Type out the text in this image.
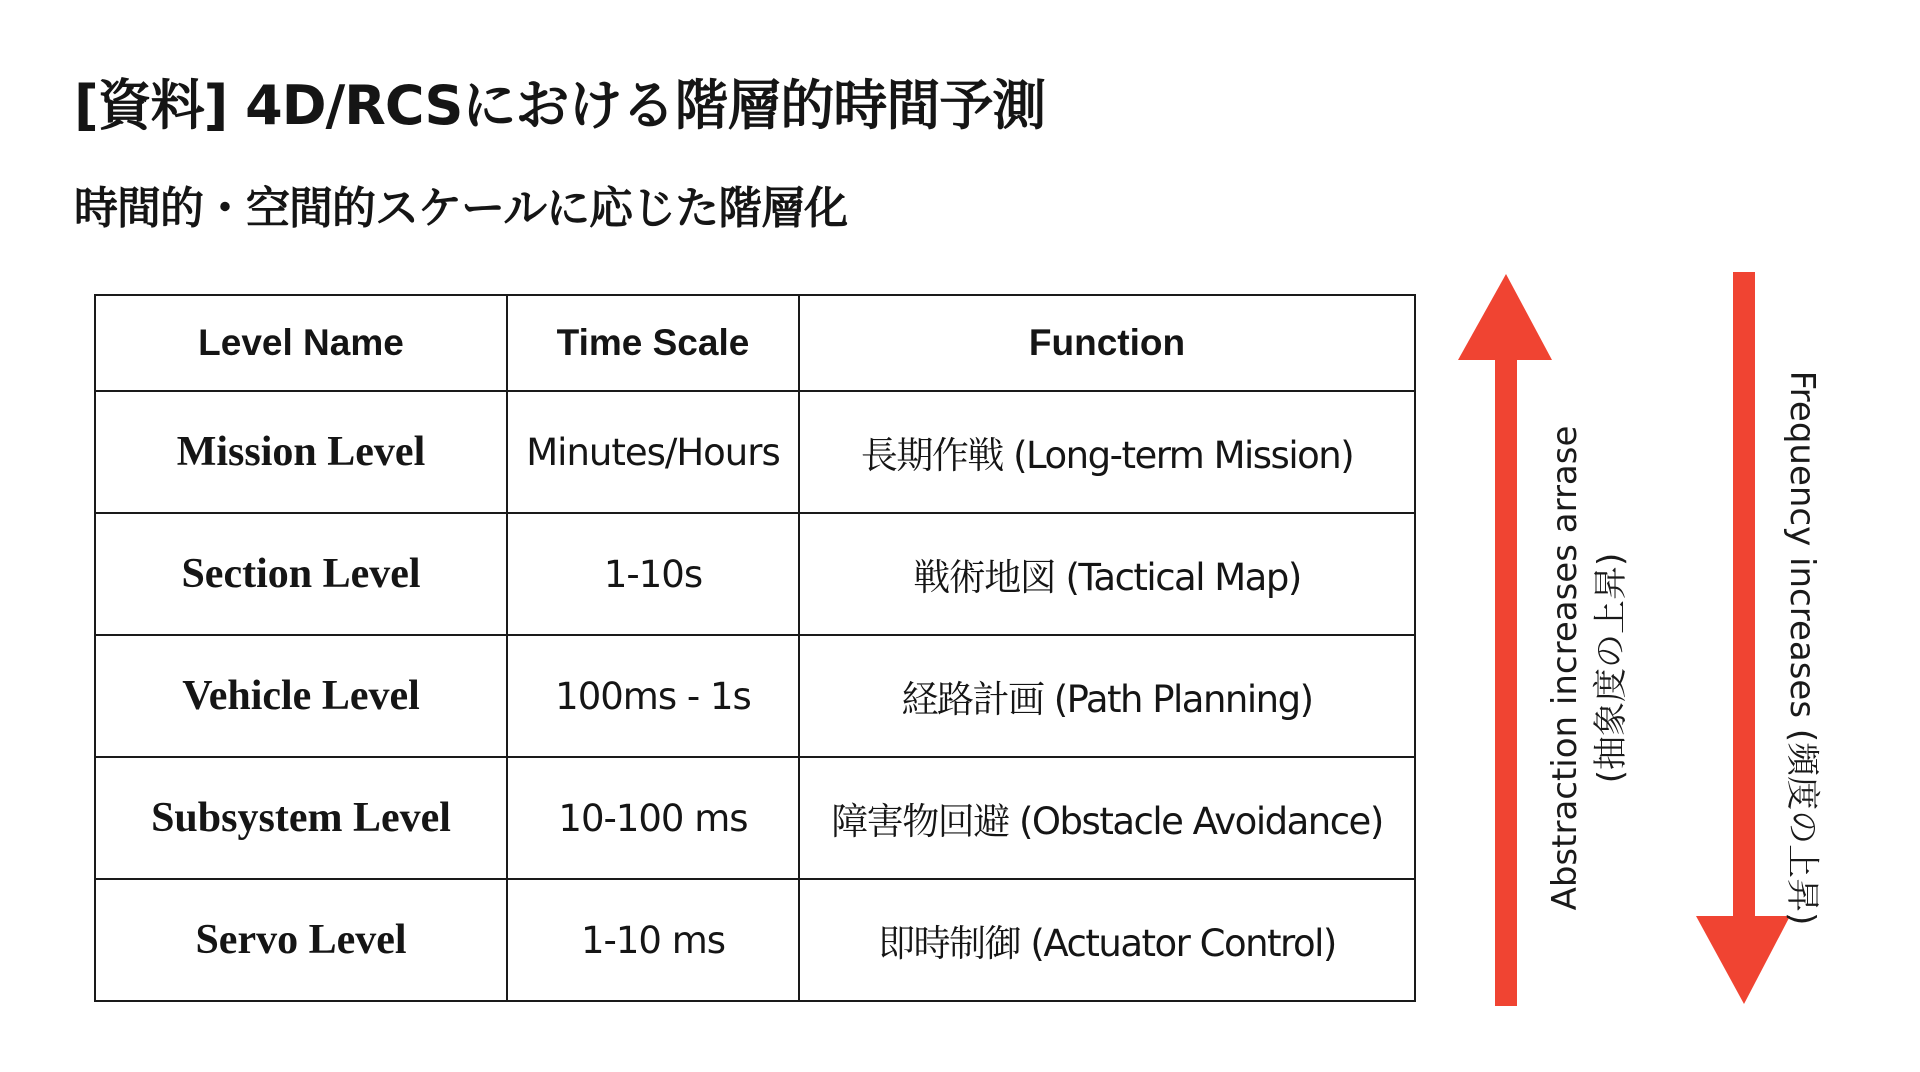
[資料] 4D/RCSにおける階層的時間予測
時間的・空間的スケールに応じた階層化
Level Name	Time Scale	Function
Mission Level	Minutes/Hours	長期作戦 (Long-term Mission)
Section Level	1-10s	戦術地図 (Tactical Map)
Vehicle Level	100ms - 1s	経路計画 (Path Planning)
Subsystem Level	10-100 ms	障害物回避 (Obstacle Avoidance)
Servo Level	1-10 ms	即時制御 (Actuator Control)
Abstraction increases arrase (抽象度の上昇)	Frequency increases (頻度の上昇)
